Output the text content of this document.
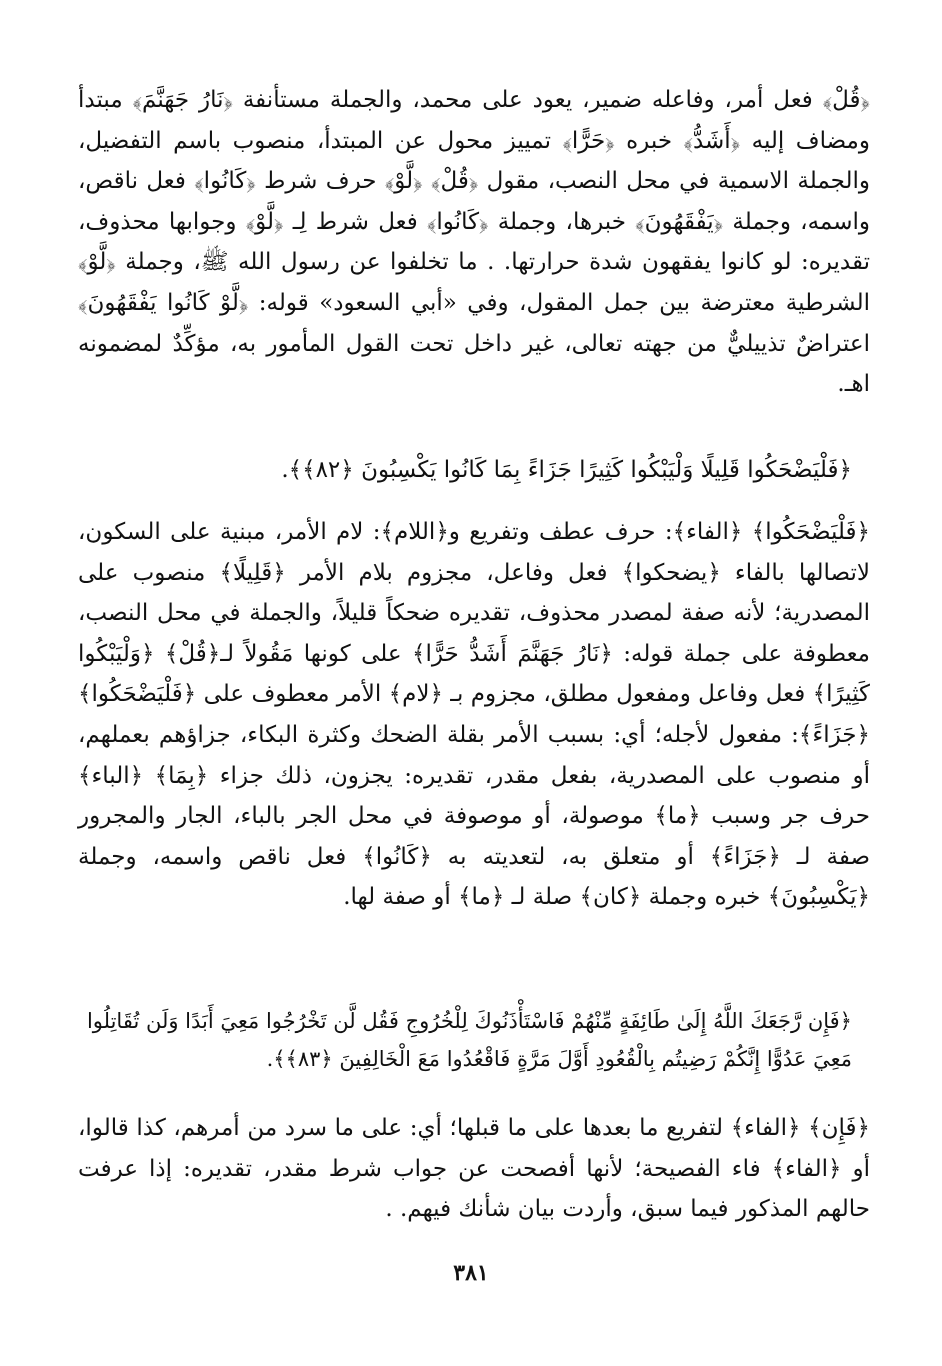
﴿قُلْ﴾ فعل أمر، وفاعله ضمير، يعود على محمد، والجملة مستأنفة ﴿نَارُ جَهَنَّمَ﴾ مبتدأ ومضاف إليه ﴿أَشَدُّ﴾ خبره ﴿حَرًّا﴾ تمييز محول عن المبتدأ، منصوب باسم التفضيل، والجملة الاسمية في محل النصب، مقول ﴿قُلْ﴾ ﴿لَّوْ﴾ حرف شرط ﴿كَانُوا﴾ فعل ناقص، واسمه، وجملة ﴿يَفْقَهُونَ﴾ خبرها، وجملة ﴿كَانُوا﴾ فعل شرط لِـ ﴿لَّوْ﴾ وجوابها محذوف، تقديره: لو كانوا يفقهون شدة حرارتها. . ما تخلفوا عن رسول الله ﷺ، وجملة ﴿لَّوْ﴾ الشرطية معترضة بين جمل المقول، وفي «أبي السعود» قوله: ﴿لَّوْ كَانُوا يَفْقَهُونَ﴾ اعتراضٌ تذييليٌّ من جهته تعالى، غير داخل تحت القول المأمور به، مؤكِّدٌ لمضمونه اهـ.

﴿فَلْيَضْحَكُوا قَلِيلًا وَلْيَبْكُوا كَثِيرًا جَزَاءً بِمَا كَانُوا يَكْسِبُونَ ﴿٨٢﴾﴾.

﴿فَلْيَضْحَكُوا﴾ ﴿الفاء﴾: حرف عطف وتفريع و﴿اللام﴾: لام الأمر، مبنية على السكون، لاتصالها بالفاء ﴿يضحكوا﴾ فعل وفاعل، مجزوم بلام الأمر ﴿قَلِيلًا﴾ منصوب على المصدرية؛ لأنه صفة لمصدر محذوف، تقديره ضحكاً قليلاً، والجملة في محل النصب، معطوفة على جملة قوله: ﴿نَارُ جَهَنَّمَ أَشَدُّ حَرًّا﴾ على كونها مَقُولاً لـ﴿قُلْ﴾ ﴿وَلْيَبْكُوا كَثِيرًا﴾ فعل وفاعل ومفعول مطلق، مجزوم بـ ﴿لام﴾ الأمر معطوف على ﴿فَلْيَضْحَكُوا﴾ ﴿جَزَاءً﴾: مفعول لأجله؛ أي: بسبب الأمر بقلة الضحك وكثرة البكاء، جزاؤهم بعملهم، أو منصوب على المصدرية، بفعل مقدر، تقديره: يجزون، ذلك جزاء ﴿بِمَا﴾ ﴿الباء﴾ حرف جر وسبب ﴿ما﴾ موصولة، أو موصوفة في محل الجر بالباء، الجار والمجرور صفة لـ ﴿جَزَاءً﴾ أو متعلق به، لتعديته به ﴿كَانُوا﴾ فعل ناقص واسمه، وجملة ﴿يَكْسِبُونَ﴾ خبره وجملة ﴿كان﴾ صلة لـ ﴿ما﴾ أو صفة لها.

﴿فَإِن رَّجَعَكَ اللَّهُ إِلَىٰ طَائِفَةٍ مِّنْهُمْ فَاسْتَأْذَنُوكَ لِلْخُرُوجِ فَقُل لَّن تَخْرُجُوا مَعِيَ أَبَدًا وَلَن تُقَاتِلُوا مَعِيَ عَدُوًّا إِنَّكُمْ رَضِيتُم بِالْقُعُودِ أَوَّلَ مَرَّةٍ فَاقْعُدُوا مَعَ الْخَالِفِينَ ﴿٨٣﴾﴾.

﴿فَإِن﴾ ﴿الفاء﴾ لتفريع ما بعدها على ما قبلها؛ أي: على ما سرد من أمرهم، كذا قالوا، أو ﴿الفاء﴾ فاء الفصيحة؛ لأنها أفصحت عن جواب شرط مقدر، تقديره: إذا عرفت حالهم المذكور فيما سبق، وأردت بيان شأنك فيهم. .

٣٨١
